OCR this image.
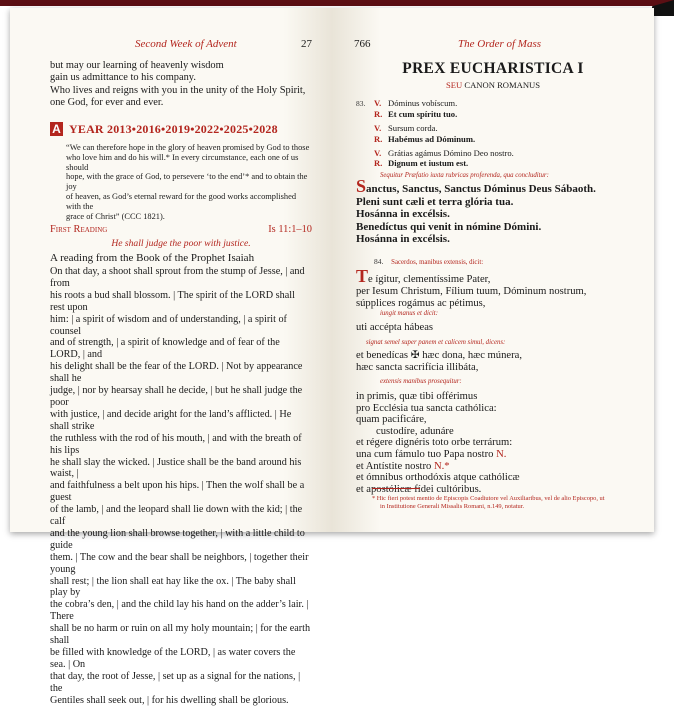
Second Week of Advent	27
but may our learning of heavenly wisdom
gain us admittance to his company.
Who lives and reigns with you in the unity of the Holy Spirit,
one God, for ever and ever.
A YEAR 2013•2016•2019•2022•2025•2028
“We can therefore hope in the glory of heaven promised by God to those
who love him and do his will.* In every circumstance, each one of us should
hope, with the grace of God, to persevere ‘to the end’* and to obtain the joy
of heaven, as God’s eternal reward for the good works accomplished with the
grace of Christ” (CCC 1821).
First Reading	Is 11:1–10
He shall judge the poor with justice.
A reading from the Book of the Prophet Isaiah
On that day, a shoot shall sprout from the stump of Jesse, | and from
his roots a bud shall blossom. | The spirit of the LORD shall rest upon
him: | a spirit of wisdom and of understanding, | a spirit of counsel
and of strength, | a spirit of knowledge and of fear of the LORD, | and
his delight shall be the fear of the LORD. | Not by appearance shall he
judge, | nor by hearsay shall he decide, | but he shall judge the poor
with justice, | and decide aright for the land’s afflicted. | He shall strike
the ruthless with the rod of his mouth, | and with the breath of his lips
he shall slay the wicked. | Justice shall be the band around his waist, |
and faithfulness a belt upon his hips. | Then the wolf shall be a guest
of the lamb, | and the leopard shall lie down with the kid; | the calf
and the young lion shall browse together, | with a little child to guide
them. | The cow and the bear shall be neighbors, | together their young
shall rest; | the lion shall eat hay like the ox. | The baby shall play by
the cobra’s den, | and the child lay his hand on the adder’s lair. | There
shall be no harm or ruin on all my holy mountain; | for the earth shall
be filled with knowledge of the LORD, | as water covers the sea. | On
that day, the root of Jesse, | set up as a signal for the nations, | the
Gentiles shall seek out, | for his dwelling shall be glorious.
766	The Order of Mass
PREX EUCHARISTICA I
SEU CANON ROMANUS
83. V. Dóminus vobíscum.
R. Et cum spíritu tuo.
V. Sursum corda.
R. Habémus ad Dóminum.
V. Grátias agámus Dómino Deo nostro.
R. Dignum et iustum est.
Sequitur Præfatio iuxta rubricas proferenda, qua concluditur:
Sanctus, Sanctus, Sanctus Dóminus Deus Sábaoth.
Pleni sunt cæli et terra glória tua.
Hosánna in excélsis.
Benedíctus qui venit in nómine Dómini.
Hosánna in excélsis.
84. Sacerdos, manibus extensis, dicit:
Te ígitur, clementíssime Pater,
per Iesum Christum, Fílium tuum, Dóminum nostrum,
súpplices rogámus ac pétimus,
iungit manus et dicit:
uti accépta hábeas
signat semel super panem et calicem simul, dicens:
et benedícas ✠ hæc dona, hæc múnera,
hæc sancta sacrifícia illibáta,
extensis manibus prosequitur:
in primis, quæ tibi offérimus
pro Ecclésia tua sancta cathólica:
quam pacificáre,
custodíre, adunáre
et régere dignéris toto orbe terrárum:
una cum fámulo tuo Papa nostro N.
et Antístite nostro N.*
et ómnibus orthodóxis atque cathólicæ
et apostólicæ fídei cultóribus.
* Hic fieri potest mentio de Episcopis Coadiutore vel Auxiliaribus, vel de alio Episcopo, ut
in Institutione Generali Missalis Romani, n.149, notatur.
